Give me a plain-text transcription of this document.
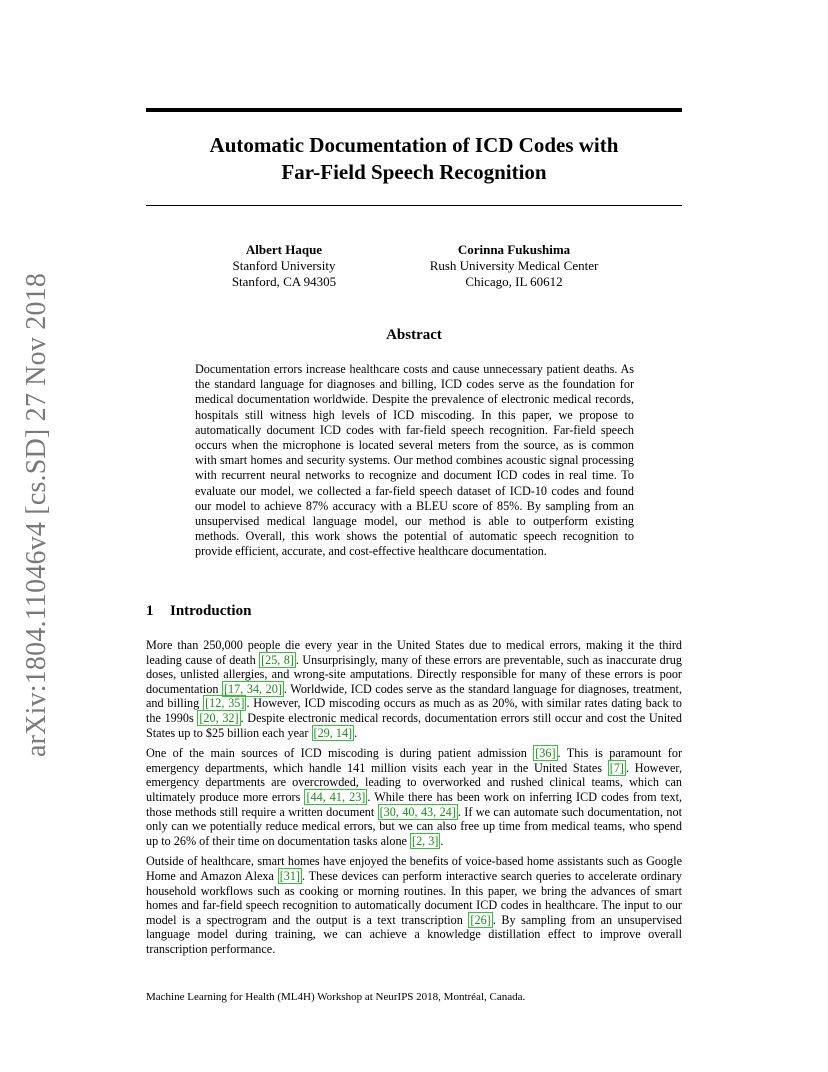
arXiv:1804.11046v4 [cs.SD] 27 Nov 2018
Automatic Documentation of ICD Codes with
Far-Field Speech Recognition
Albert Haque
Stanford University
Stanford, CA 94305
Corinna Fukushima
Rush University Medical Center
Chicago, IL 60612
Abstract

Documentation errors increase healthcare costs and cause unnecessary patient deaths. As the standard language for diagnoses and billing, ICD codes serve as the foundation for medical documentation worldwide. Despite the prevalence of electronic medical records, hospitals still witness high levels of ICD miscoding. In this paper, we propose to automatically document ICD codes with far-field speech recognition. Far-field speech occurs when the microphone is located several meters from the source, as is common with smart homes and security systems. Our method combines acoustic signal processing with recurrent neural networks to recognize and document ICD codes in real time. To evaluate our model, we collected a far-field speech dataset of ICD-10 codes and found our model to achieve 87% accuracy with a BLEU score of 85%. By sampling from an unsupervised medical language model, our method is able to outperform existing methods. Overall, this work shows the potential of automatic speech recognition to provide efficient, accurate, and cost-effective healthcare documentation.

1 Introduction

More than 250,000 people die every year in the United States due to medical errors, making it the third leading cause of death [25, 8] . Unsurprisingly, many of these errors are preventable, such as inaccurate drug doses, unlisted allergies, and wrong-site amputations. Directly responsible for many of these errors is poor documentation [17, 34, 20] . Worldwide, ICD codes serve as the standard language for diagnoses, treatment, and billing [12, 35] . However, ICD miscoding occurs as much as as 20%, with similar rates dating back to the 1990s [20, 32] . Despite electronic medical records, documentation errors still occur and cost the United States up to $25 billion each year [29, 14] .

One of the main sources of ICD miscoding is during patient admission [36] . This is paramount for emergency departments, which handle 141 million visits each year in the United States [7] . However, emergency departments are overcrowded, leading to overworked and rushed clinical teams, which can ultimately produce more errors [44, 41, 23] . While there has been work on inferring ICD codes from text, those methods still require a written document [30, 40, 43, 24] . If we can automate such documentation, not only can we potentially reduce medical errors, but we can also free up time from medical teams, who spend up to 26% of their time on documentation tasks alone [2, 3] .

Outside of healthcare, smart homes have enjoyed the benefits of voice-based home assistants such as Google Home and Amazon Alexa [31] . These devices can perform interactive search queries to accelerate ordinary household workflows such as cooking or morning routines. In this paper, we bring the advances of smart homes and far-field speech recognition to automatically document ICD codes in healthcare. The input to our model is a spectrogram and the output is a text transcription [26] . By sampling from an unsupervised language model during training, we can achieve a knowledge distillation effect to improve overall transcription performance.

Machine Learning for Health (ML4H) Workshop at NeurIPS 2018, Montréal, Canada.
